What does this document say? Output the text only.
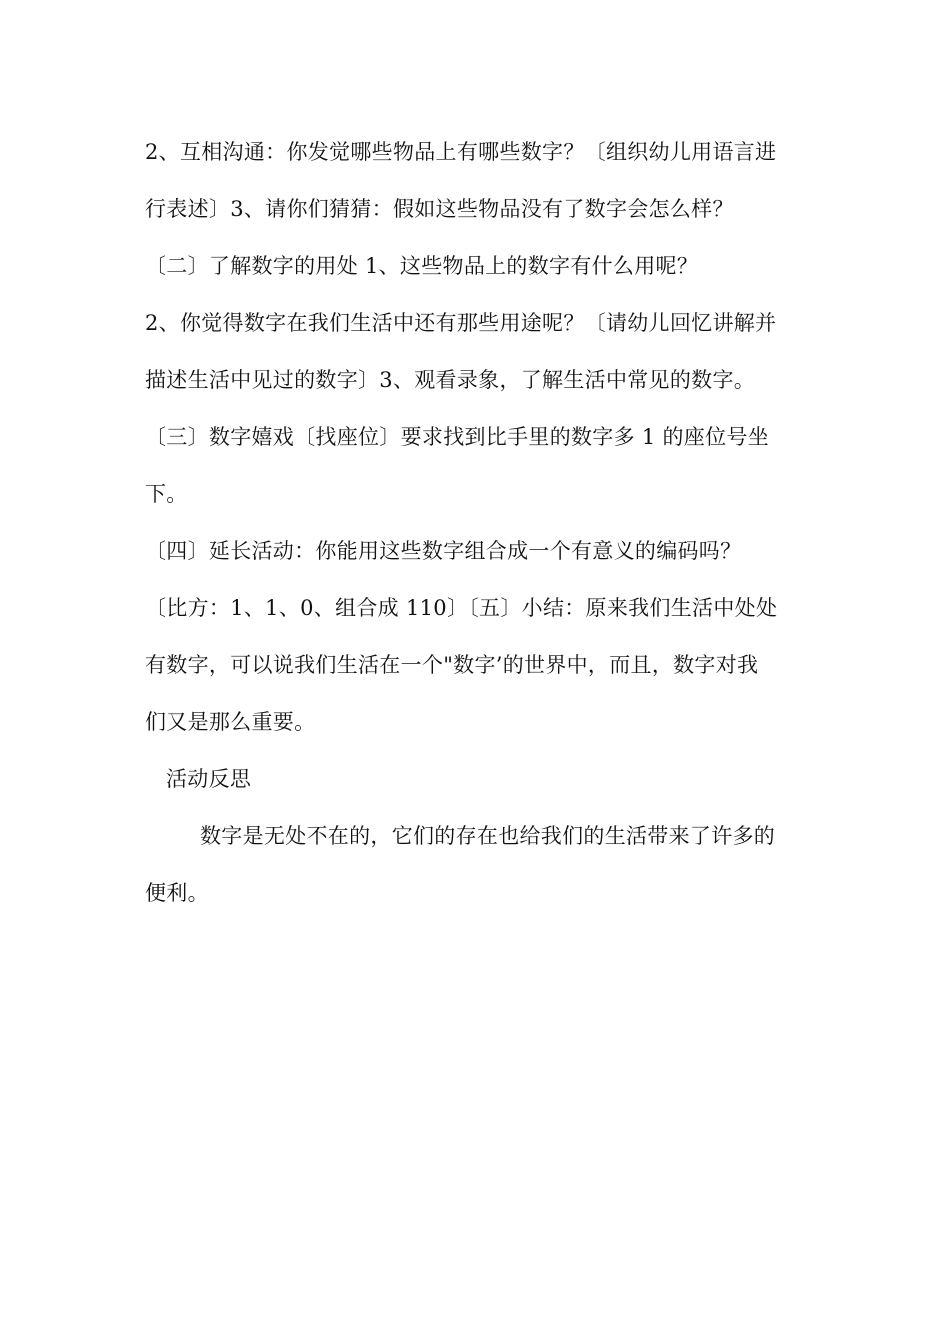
2、互相沟通：你发觉哪些物品上有哪些数字？〔组织幼儿用语言进
行表述〕3、请你们猜猜：假如这些物品没有了数字会怎么样？
〔二〕了解数字的用处 1、这些物品上的数字有什么用呢？
2、你觉得数字在我们生活中还有那些用途呢？〔请幼儿回忆讲解并
描述生活中见过的数字〕3、观看录象，了解生活中常见的数字。
〔三〕数字嬉戏〔找座位〕要求找到比手里的数字多 1 的座位号坐
下。
〔四〕延长活动：你能用这些数字组合成一个有意义的编码吗？
〔比方：1、1、0、组合成 110〕〔五〕小结：原来我们生活中处处
有数字，可以说我们生活在一个"数字’的世界中，而且，数字对我
们又是那么重要。
活动反思
数字是无处不在的，它们的存在也给我们的生活带来了许多的
便利。
